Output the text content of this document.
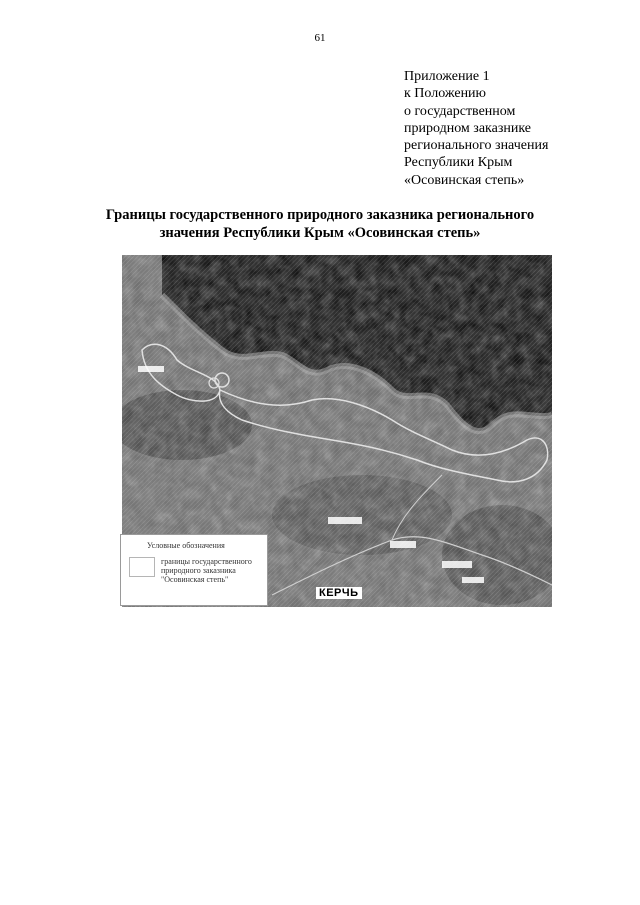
61
Приложение 1
к Положению
о государственном
природном заказнике
регионального значения
Республики Крым
«Осовинская степь»
Границы государственного природного заказника регионального
значения Республики Крым «Осовинская степь»
Условные обозначения
границы государственного природного заказника "Осовинская степь"
КЕРЧЬ
